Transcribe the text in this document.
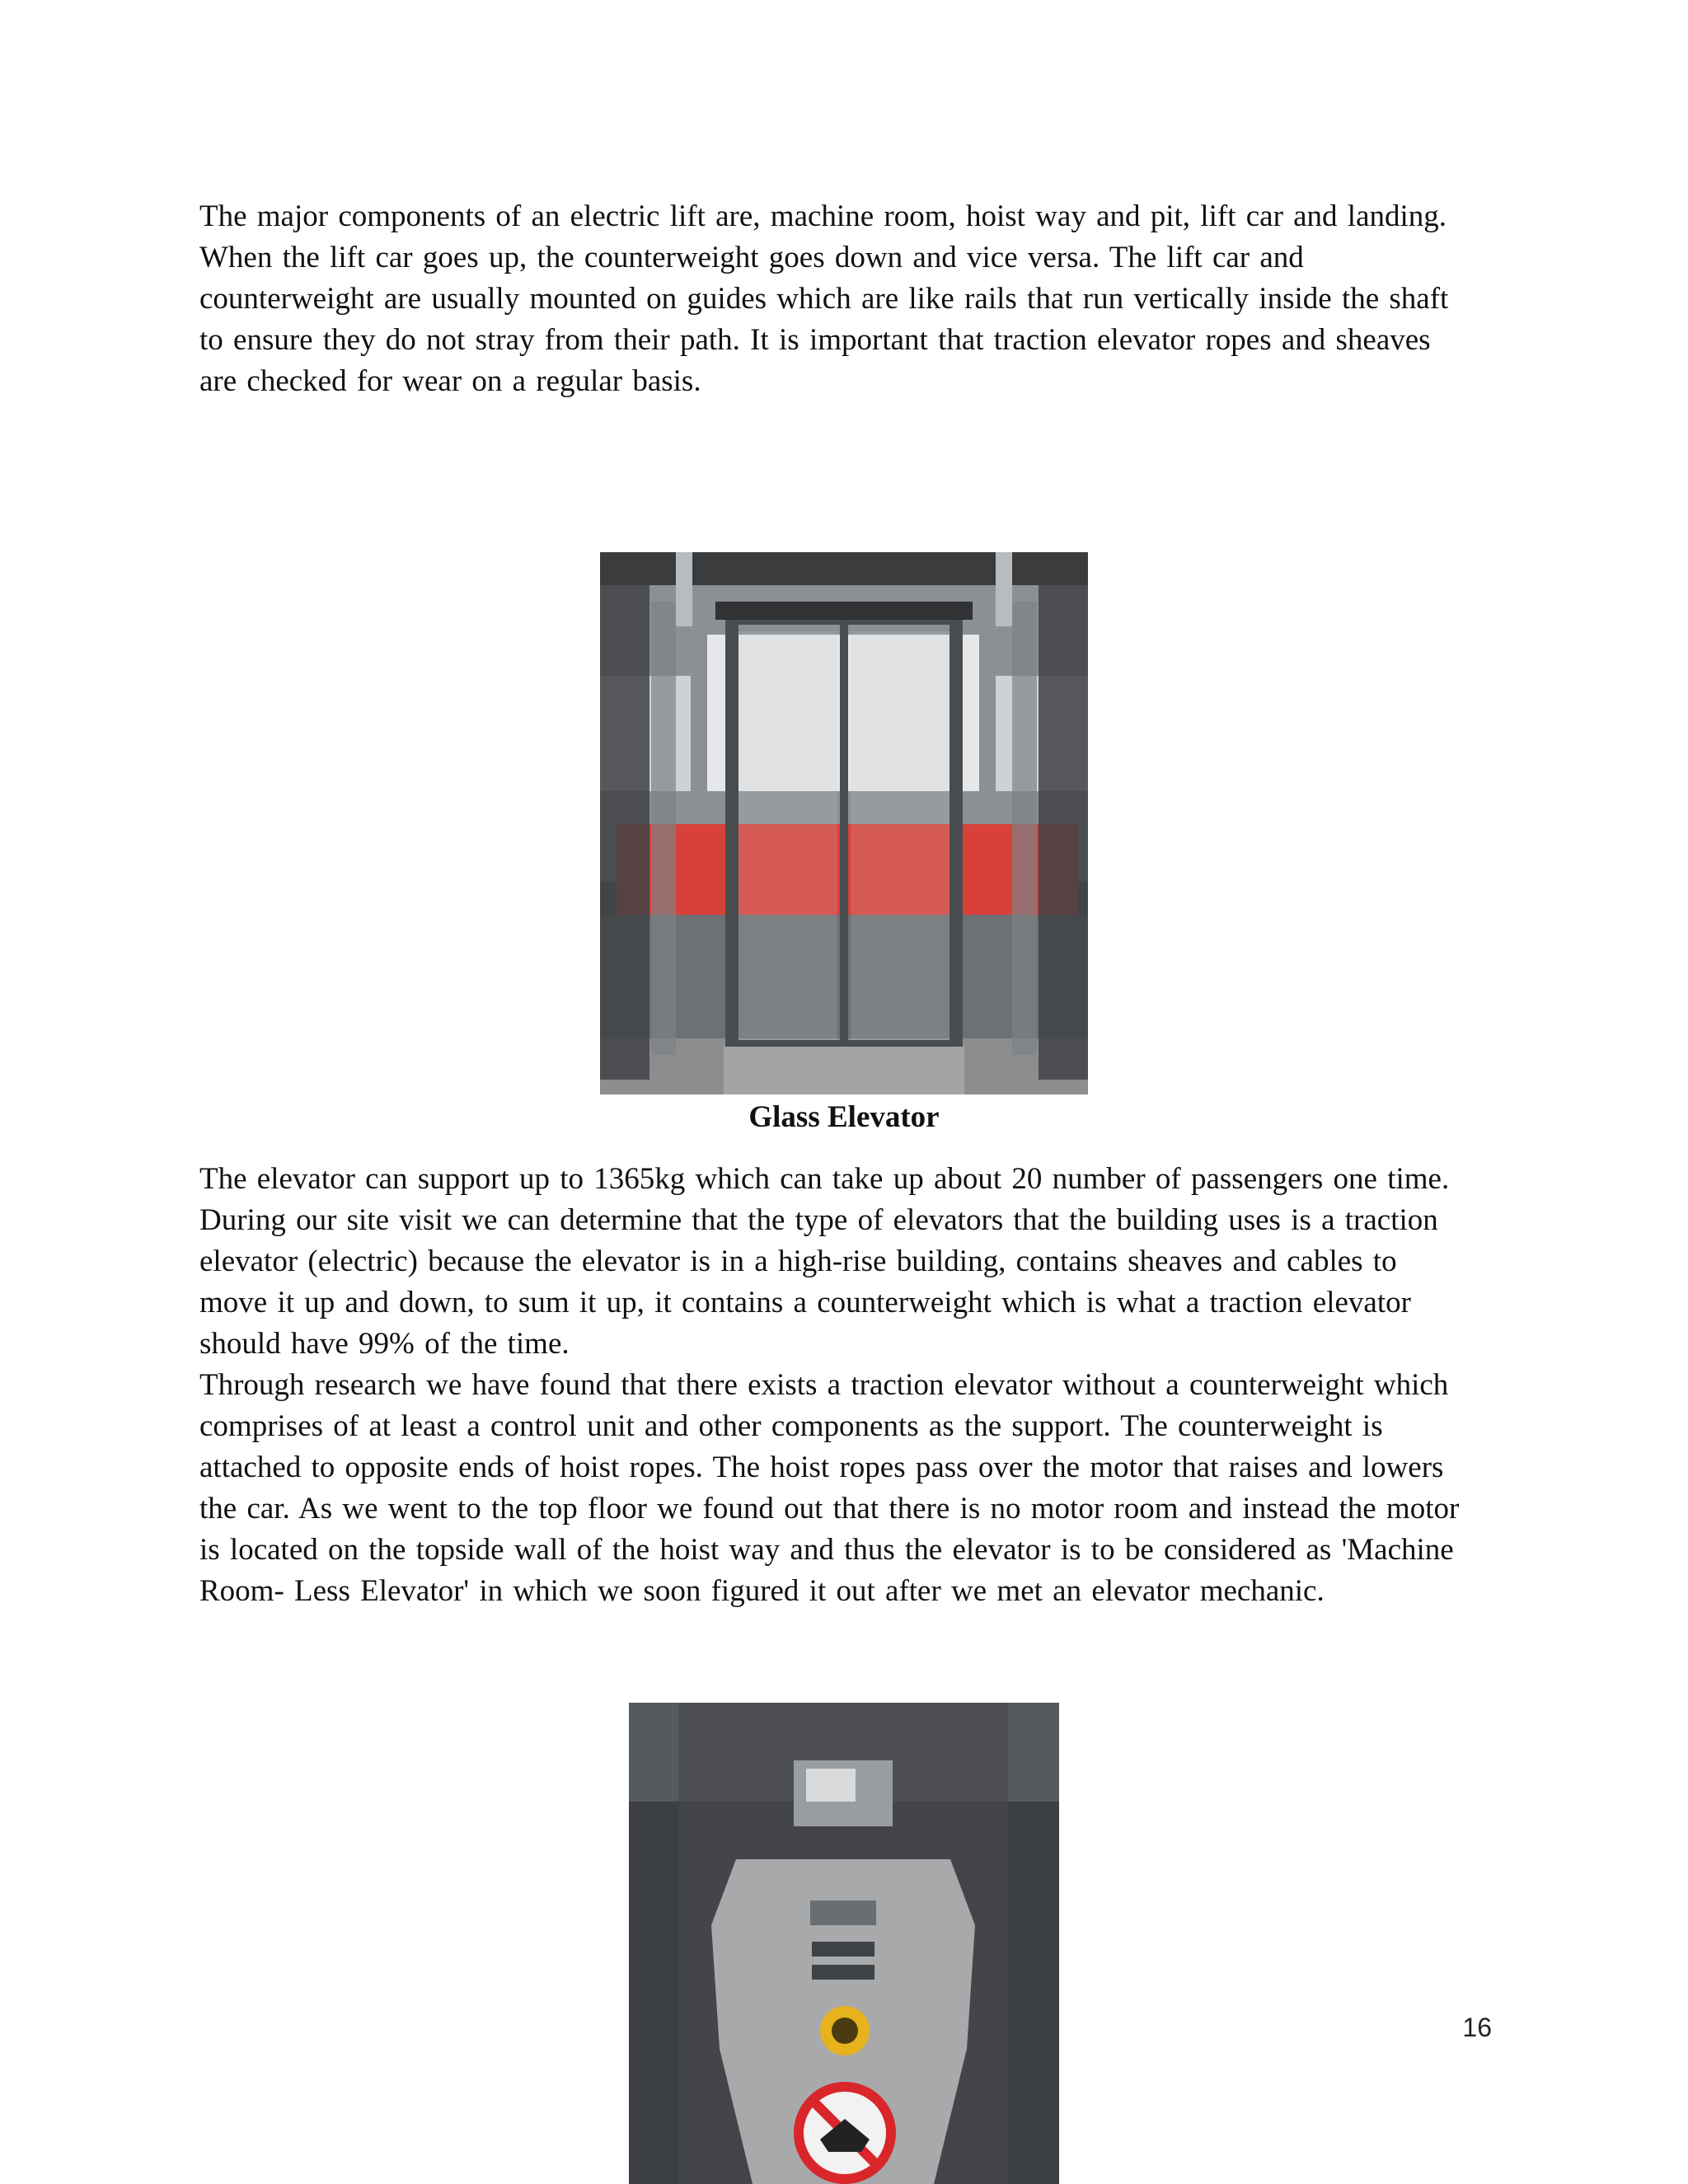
The major components of an electric lift are, machine room, hoist way and pit, lift car and landing. When the lift car goes up, the counterweight goes down and vice versa. The lift car and counterweight are usually mounted on guides which are like rails that run vertically inside the shaft to ensure they do not stray from their path. It is important that traction elevator ropes and sheaves are checked for wear on a regular basis.

Glass Elevator

The elevator can support up to 1365kg which can take up about 20 number of passengers one time. During our site visit we can determine that the type of elevators that the building uses is a traction elevator (electric) because the elevator is in a high-rise building, contains sheaves and cables to move it up and down, to sum it up, it contains a counterweight which is what a traction elevator should have 99% of the time.

Through research we have found that there exists a traction elevator without a counterweight which comprises of at least a control unit and other components as the support. The counterweight is attached to opposite ends of hoist ropes. The hoist ropes pass over the motor that raises and lowers the car. As we went to the top floor we found out that there is no motor room and instead the motor is located on the topside wall of the hoist way and thus the elevator is to be considered as 'Machine Room- Less Elevator' in which we soon figured it out after we met an elevator mechanic.

16
